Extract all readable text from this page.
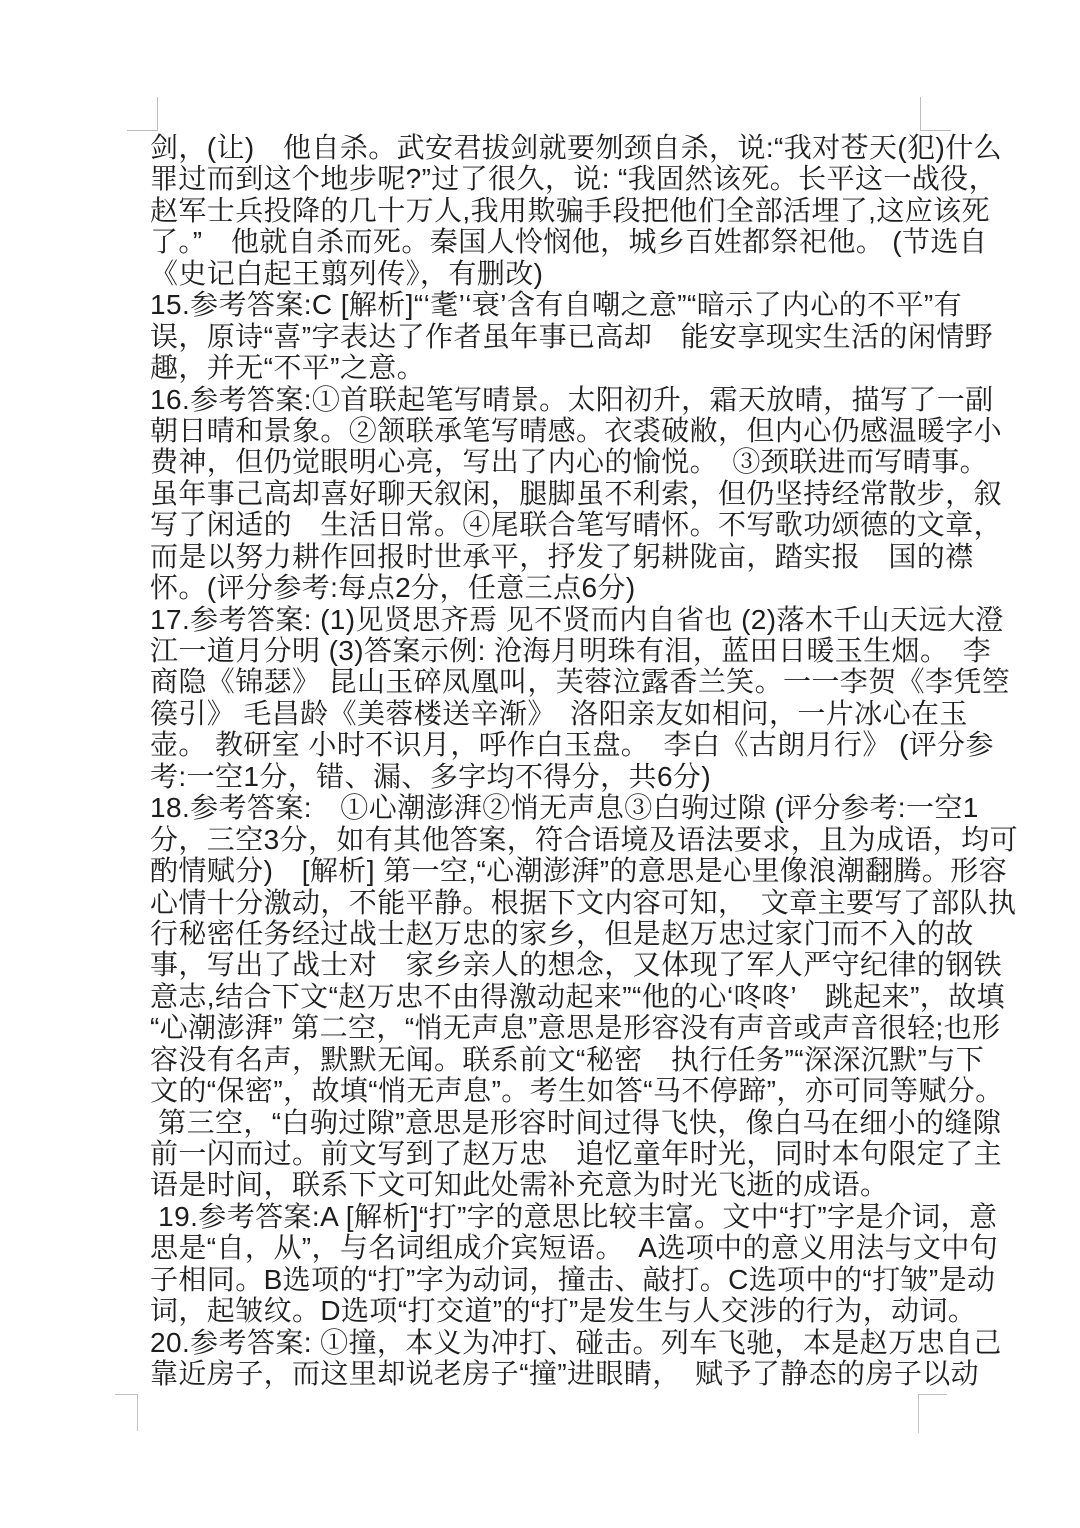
剑，(让)　他自杀。武安君拔剑就要刎颈自杀，说:“我对苍天(犯)什么
罪过而到这个地步呢?”过了很久，说: “我固然该死。长平这一战役，
赵军士兵投降的几十万人,我用欺骗手段把他们全部活埋了,这应该死
了。”　他就自杀而死。秦国人怜悯他，城乡百姓都祭祀他。 (节选自
《史记白起王翦列传》，有删改)
15.参考答案:C [解析]“‘耄’‘衰’含有自嘲之意”“暗示了内心的不平”有
误，原诗“喜”字表达了作者虽年事已高却　能安享现实生活的闲情野
趣，并无“不平”之意。
16.参考答案:①首联起笔写晴景。太阳初升，霜天放晴，描写了一副
朝日晴和景象。②颔联承笔写晴感。衣裘破敝，但内心仍感温暖字小
费神，但仍觉眼明心亮，写出了内心的愉悦。　③颈联进而写晴事。
虽年事己高却喜好聊天叙闲，腿脚虽不利索，但仍坚持经常散步，叙
写了闲适的　生活日常。④尾联合笔写晴怀。不写歌功颂德的文章，
而是以努力耕作回报时世承平，抒发了躬耕陇亩，踏实报　国的襟
怀。(评分参考:每点2分，任意三点6分)
17.参考答案: (1)见贤思齐焉 见不贤而内自省也 (2)落木千山天远大澄
江一道月分明 (3)答案示例: 沧海月明珠有泪，蓝田日暖玉生烟。　李
商隐《锦瑟》 昆山玉碎凤凰叫，芙蓉泣露香兰笑。一一李贺《李凭箜
篌引》 毛昌龄《美蓉楼送辛渐》　洛阳亲友如相问，一片冰心在玉
壶。 教研室 小时不识月，呼作白玉盘。　李白《古朗月行》 (评分参
考:一空1分，错、漏、多字均不得分，共6分)
18.参考答案:　①心潮澎湃②悄无声息③白驹过隙 (评分参考:一空1
分，三空3分，如有其他答案，符合语境及语法要求，且为成语，均可
酌情赋分)　[解析] 第一空,“心潮澎湃”的意思是心里像浪潮翻腾。形容
心情十分激动，不能平静。根据下文内容可知，　文章主要写了部队执
行秘密任务经过战士赵万忠的家乡，但是赵万忠过家门而不入的故
事，写出了战士对　家乡亲人的想念，又体现了军人严守纪律的钢铁
意志,结合下文“赵万忠不由得激动起来”“他的心‘咚咚’　跳起来”，故填
“心潮澎湃” 第二空，“悄无声息”意思是形容没有声音或声音很轻;也形
容没有名声，默默无闻。联系前文“秘密　执行任务”“深深沉默”与下
文的“保密”，故填“悄无声息”。考生如答“马不停蹄”，亦可同等赋分。
第三空，“白驹过隙”意思是形容时间过得飞快，像白马在细小的缝隙
前一闪而过。前文写到了赵万忠　追忆童年时光，同时本句限定了主
语是时间，联系下文可知此处需补充意为时光飞逝的成语。
19.参考答案:A [解析]“打”字的意思比较丰富。文中“打”字是介词，意
思是“自，从”，与名词组成介宾短语。　A选项中的意义用法与文中句
子相同。B选项的“打”字为动词，撞击、敲打。C选项中的“打皱”是动
词，起皱纹。D选项“打交道”的“打”是发生与人交涉的行为，动词。
20.参考答案: ①撞，本义为冲打、碰击。列车飞驰，本是赵万忠自己
靠近房子，而这里却说老房子“撞”进眼睛，　赋予了静态的房子以动
